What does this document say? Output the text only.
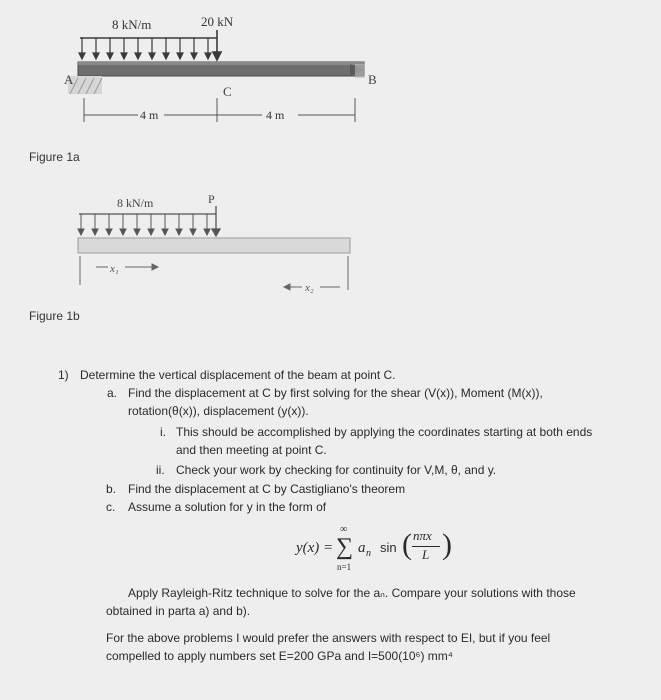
8 kN/m	20 kN
A	B
C
4 m	4 m
Figure 1a
8 kN/m	P
x₁
x₂
Figure 1b
1) Determine the vertical displacement of the beam at point C.
a. Find the displacement at C by first solving for the shear (V(x)), Moment (M(x)),
rotation(θ(x)), displacement (y(x)).
i. This should be accomplished by applying the coordinates starting at both ends
and then meeting at point C.
ii. Check your work by checking for continuity for V,M, θ, and y.
b. Find the displacement at C by Castigliano's theorem
c. Assume a solution for y in the form of
y(x) =
∞
∑
n=1
a n sin ( nπx
L )
Apply Rayleigh-Ritz technique to solve for the aₙ. Compare your solutions with those
obtained in parta a) and b).
For the above problems I would prefer the answers with respect to EI, but if you feel
compelled to apply numbers set E=200 GPa and I=500(10⁶) mm⁴
